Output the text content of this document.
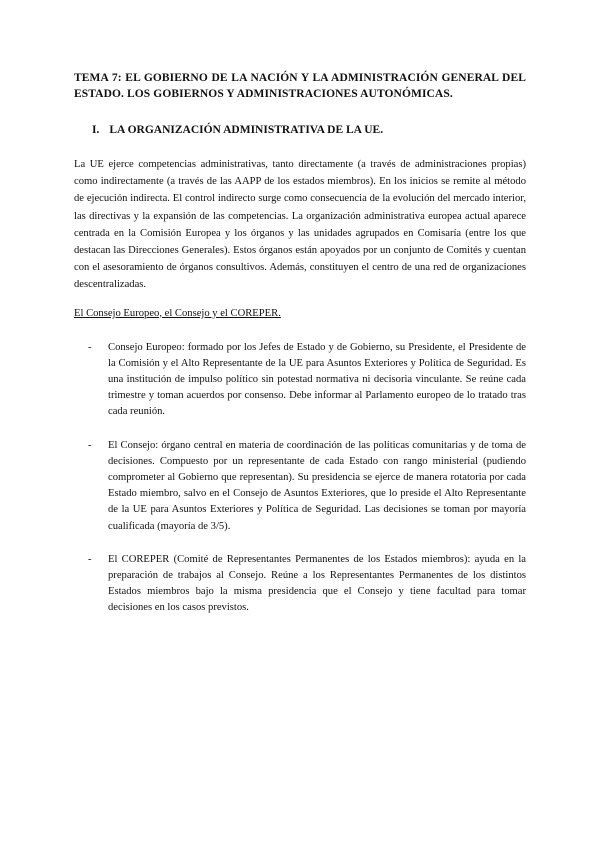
TEMA 7: EL GOBIERNO DE LA NACIÓN Y LA ADMINISTRACIÓN GENERAL DEL ESTADO. LOS GOBIERNOS Y ADMINISTRACIONES AUTONÓMICAS.

I. LA ORGANIZACIÓN ADMINISTRATIVA DE LA UE.

La UE ejerce competencias administrativas, tanto directamente (a través de administraciones propias) como indirectamente (a través de las AAPP de los estados miembros). En los inicios se remite al método de ejecución indirecta. El control indirecto surge como consecuencia de la evolución del mercado interior, las directivas y la expansión de las competencias. La organización administrativa europea actual aparece centrada en la Comisión Europea y los órganos y las unidades agrupados en Comisaría (entre los que destacan las Direcciones Generales). Estos órganos están apoyados por un conjunto de Comités y cuentan con el asesoramiento de órganos consultivos. Además, constituyen el centro de una red de organizaciones descentralizadas.

El Consejo Europeo, el Consejo y el COREPER.

-	Consejo Europeo: formado por los Jefes de Estado y de Gobierno, su Presidente, el Presidente de la Comisión y el Alto Representante de la UE para Asuntos Exteriores y Política de Seguridad. Es una institución de impulso político sin potestad normativa ni decisoria vinculante. Se reúne cada trimestre y toman acuerdos por consenso. Debe informar al Parlamento europeo de lo tratado tras cada reunión.
-	El Consejo: órgano central en materia de coordinación de las políticas comunitarias y de toma de decisiones. Compuesto por un representante de cada Estado con rango ministerial (pudiendo comprometer al Gobierno que representan). Su presidencia se ejerce de manera rotatoria por cada Estado miembro, salvo en el Consejo de Asuntos Exteriores, que lo preside el Alto Representante de la UE para Asuntos Exteriores y Política de Seguridad. Las decisiones se toman por mayoría cualificada (mayoría de 3/5).
-	El COREPER (Comité de Representantes Permanentes de los Estados miembros): ayuda en la preparación de trabajos al Consejo. Reúne a los Representantes Permanentes de los distintos Estados miembros bajo la misma presidencia que el Consejo y tiene facultad para tomar decisiones en los casos previstos.
